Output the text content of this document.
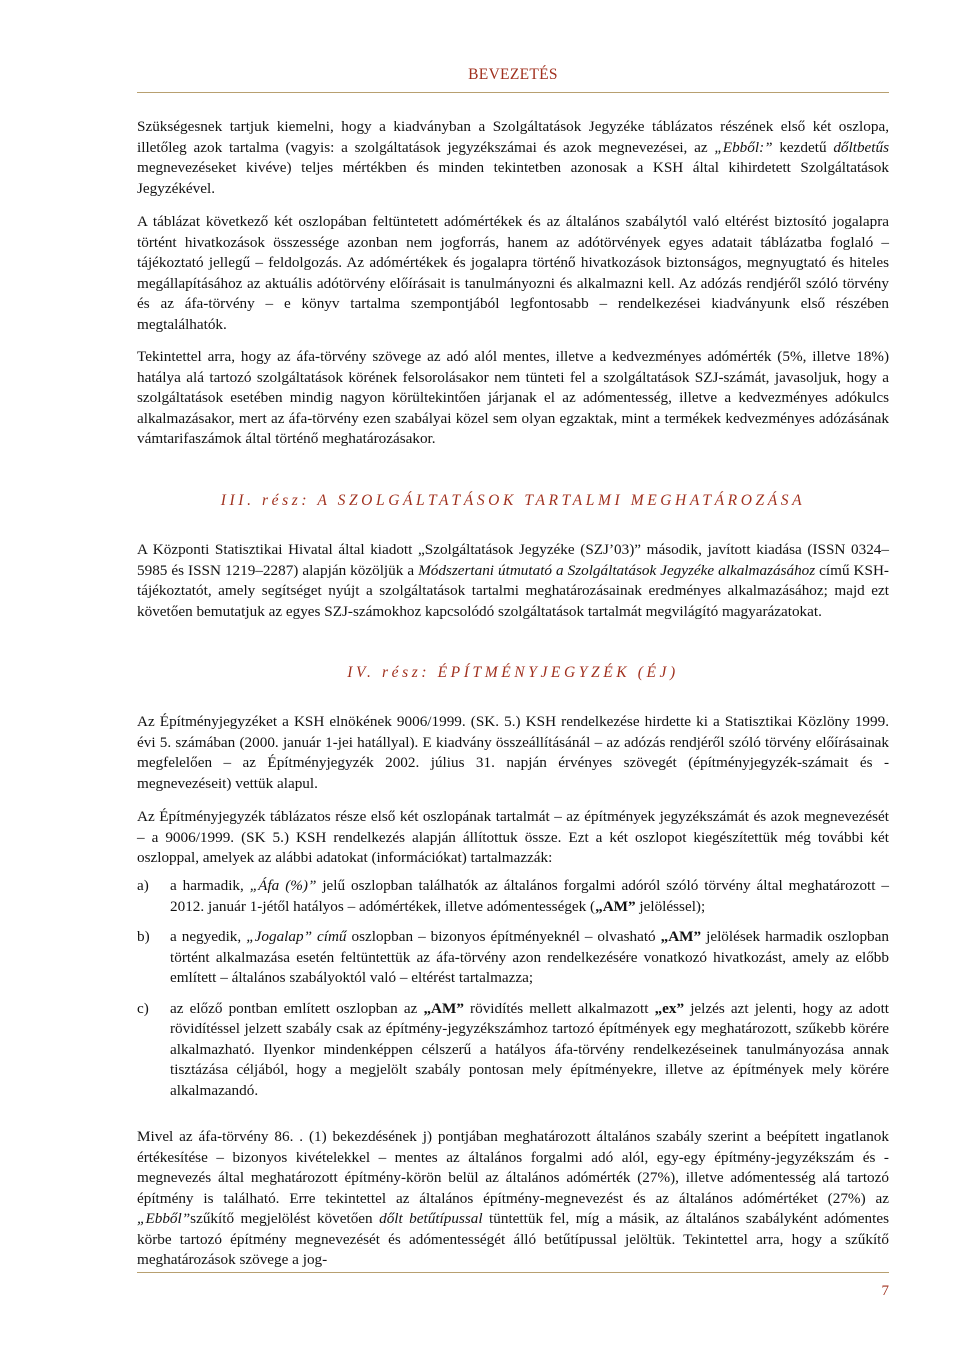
BEVEZETÉS

Szükségesnek tartjuk kiemelni, hogy a kiadványban a Szolgáltatások Jegyzéke táblázatos részének első két oszlopa, illetőleg azok tartalma (vagyis: a szolgáltatások jegyzékszámai és azok megnevezései, az „Ebből:” kezdetű dőltbetűs megnevezéseket kivéve) teljes mértékben és minden tekintetben azonosak a KSH által kihirdetett Szolgáltatások Jegyzékével.

A táblázat következő két oszlopában feltüntetett adómértékek és az általános szabálytól való eltérést biztosító jogalapra történt hivatkozások összessége azonban nem jogforrás, hanem az adótörvények egyes adatait táblázatba foglaló – tájékoztató jellegű – feldolgozás. Az adómértékek és jogalapra történő hivatkozások biztonságos, megnyugtató és hiteles megállapításához az aktuális adótörvény előírásait is tanulmányozni és alkalmazni kell. Az adózás rendjéről szóló törvény és az áfa-törvény – e könyv tartalma szempontjából legfontosabb – rendelkezései kiadványunk első részében megtalálhatók.

Tekintettel arra, hogy az áfa-törvény szövege az adó alól mentes, illetve a kedvezményes adómérték (5%, illetve 18%) hatálya alá tartozó szolgáltatások körének felsorolásakor nem tünteti fel a szolgáltatások SZJ-számát, javasoljuk, hogy a szolgáltatások esetében mindig nagyon körültekintően járjanak el az adómentesség, illetve a kedvezményes adókulcs alkalmazásakor, mert az áfa-törvény ezen szabályai közel sem olyan egzaktak, mint a termékek kedvezményes adózásának vámtarifaszámok által történő meghatározásakor.

III. rész: A SZOLGÁLTATÁSOK TARTALMI MEGHATÁROZÁSA

A Központi Statisztikai Hivatal által kiadott „Szolgáltatások Jegyzéke (SZJ’03)” második, javított kiadása (ISSN 0324–5985 és ISSN 1219–2287) alapján közöljük a Módszertani útmutató a Szolgáltatások Jegyzéke alkalmazásához című KSH-tájékoztatót, amely segítséget nyújt a szolgáltatások tartalmi meghatározásainak eredményes alkalmazásához; majd ezt követően bemutatjuk az egyes SZJ-számokhoz kapcsolódó szolgáltatások tartalmát megvilágító magyarázatokat.

IV. rész: ÉPÍTMÉNYJEGYZÉK (ÉJ)

Az Építményjegyzéket a KSH elnökének 9006/1999. (SK. 5.) KSH rendelkezése hirdette ki a Statisztikai Közlöny 1999. évi 5. számában (2000. január 1-jei hatállyal). E kiadvány összeállításánál – az adózás rendjéről szóló törvény előírásainak megfelelően – az Építményjegyzék 2002. július 31. napján érvényes szövegét (építményjegyzék-számait és -megnevezéseit) vettük alapul.

Az Építményjegyzék táblázatos része első két oszlopának tartalmát – az építmények jegyzékszámát és azok megnevezését – a 9006/1999. (SK 5.) KSH rendelkezés alapján állítottuk össze. Ezt a két oszlopot kiegészítettük még további két oszloppal, amelyek az alábbi adatokat (információkat) tartalmazzák:

a)	a harmadik, „Áfa (%)” jelű oszlopban találhatók az általános forgalmi adóról szóló törvény által meghatározott – 2012. január 1-jétől hatályos – adómértékek, illetve adómentességek („AM” jelöléssel);
b)	a negyedik, „Jogalap” című oszlopban – bizonyos építményeknél – olvasható „AM” jelölések harmadik oszlopban történt alkalmazása esetén feltüntettük az áfa-törvény azon rendelkezésére vonatkozó hivatkozást, amely az előbb említett – általános szabályoktól való – eltérést tartalmazza;
c)	az előző pontban említett oszlopban az „AM” rövidítés mellett alkalmazott „ex” jelzés azt jelenti, hogy az adott rövidítéssel jelzett szabály csak az építmény-jegyzékszámhoz tartozó építmények egy meghatározott, szűkebb körére alkalmazható. Ilyenkor mindenképpen célszerű a hatályos áfa-törvény rendelkezéseinek tanulmányozása annak tisztázása céljából, hogy a megjelölt szabály pontosan mely építményekre, illetve az építmények mely körére alkalmazandó.

Mivel az áfa-törvény 86. . (1) bekezdésének j) pontjában meghatározott általános szabály szerint a beépített ingatlanok értékesítése – bizonyos kivételekkel – mentes az általános forgalmi adó alól, egy-egy építmény-jegyzékszám és -megnevezés által meghatározott építmény-körön belül az általános adómérték (27%), illetve adómentesség alá tartozó építmény is található. Erre tekintettel az általános építmény-megnevezést és az általános adómértéket (27%) az „Ebből”szűkítő megjelölést követően dőlt betűtípussal tüntettük fel, míg a másik, az általános szabályként adómentes körbe tartozó építmény megnevezését és adómentességét álló betűtípussal jelöltük. Tekintettel arra, hogy a szűkítő meghatározások szövege a jog-

7
